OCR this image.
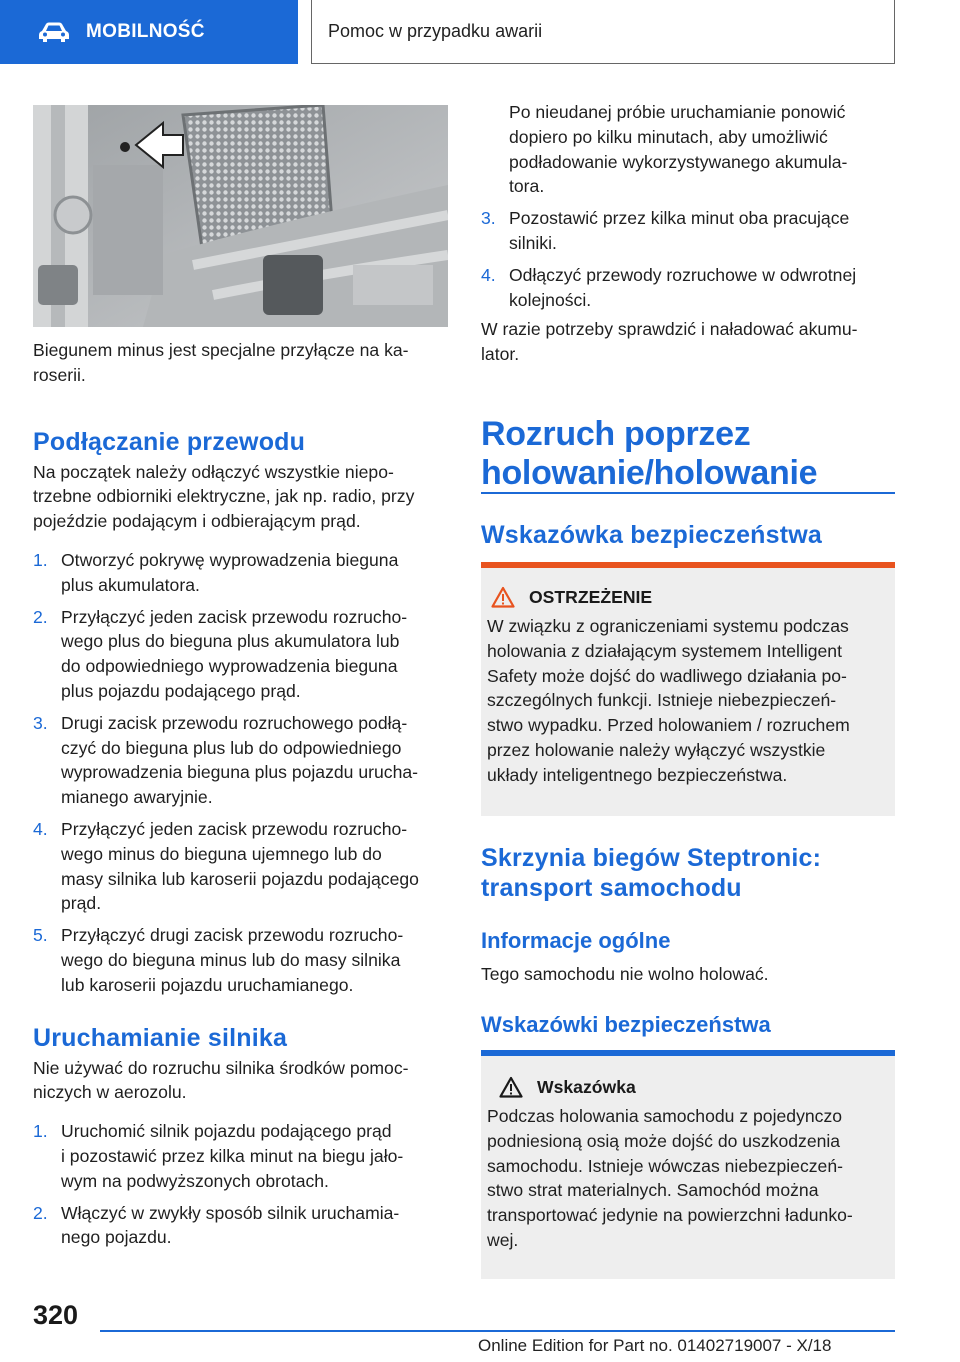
MOBILNOŚĆ	Pomoc w przypadku awarii
Biegunem minus jest specjalne przyłącze na ka-
roserii.
Podłączanie przewodu
Na początek należy odłączyć wszystkie niepo-
trzebne odbiorniki elektryczne, jak np. radio, przy
pojeździe podającym i odbierającym prąd.
1. Otworzyć pokrywę wyprowadzenia bieguna
plus akumulatora.
2. Przyłączyć jeden zacisk przewodu rozrucho-
wego plus do bieguna plus akumulatora lub
do odpowiedniego wyprowadzenia bieguna
plus pojazdu podającego prąd.
3. Drugi zacisk przewodu rozruchowego podłą-
czyć do bieguna plus lub do odpowiedniego
wyprowadzenia bieguna plus pojazdu urucha-
mianego awaryjnie.
4. Przyłączyć jeden zacisk przewodu rozrucho-
wego minus do bieguna ujemnego lub do
masy silnika lub karoserii pojazdu podającego
prąd.
5. Przyłączyć drugi zacisk przewodu rozrucho-
wego do bieguna minus lub do masy silnika
lub karoserii pojazdu uruchamianego.
Uruchamianie silnika
Nie używać do rozruchu silnika środków pomoc-
niczych w aerozolu.
1. Uruchomić silnik pojazdu podającego prąd
i pozostawić przez kilka minut na biegu jało-
wym na podwyższonych obrotach.
2. Włączyć w zwykły sposób silnik uruchamia-
nego pojazdu.
Po nieudanej próbie uruchamianie ponowić
dopiero po kilku minutach, aby umożliwić
podładowanie wykorzystywanego akumula-
tora.
3. Pozostawić przez kilka minut oba pracujące
silniki.
4. Odłączyć przewody rozruchowe w odwrotnej
kolejności.
W razie potrzeby sprawdzić i naładować akumu-
lator.
Rozruch poprzez
holowanie/holowanie
Wskazówka bezpieczeństwa
OSTRZEŻENIE
W związku z ograniczeniami systemu podczas
holowania z działającym systemem Intelligent
Safety może dojść do wadliwego działania po-
szczególnych funkcji. Istnieje niebezpieczeń-
stwo wypadku. Przed holowaniem / rozruchem
przez holowanie należy wyłączyć wszystkie
układy inteligentnego bezpieczeństwa.
Skrzynia biegów Steptronic:
transport samochodu
Informacje ogólne
Tego samochodu nie wolno holować.
Wskazówki bezpieczeństwa
Wskazówka
Podczas holowania samochodu z pojedynczo
podniesioną osią może dojść do uszkodzenia
samochodu. Istnieje wówczas niebezpieczeń-
stwo strat materialnych. Samochód można
transportować jedynie na powierzchni ładunko-
wej.
320
Online Edition for Part no. 01402719007 - X/18
